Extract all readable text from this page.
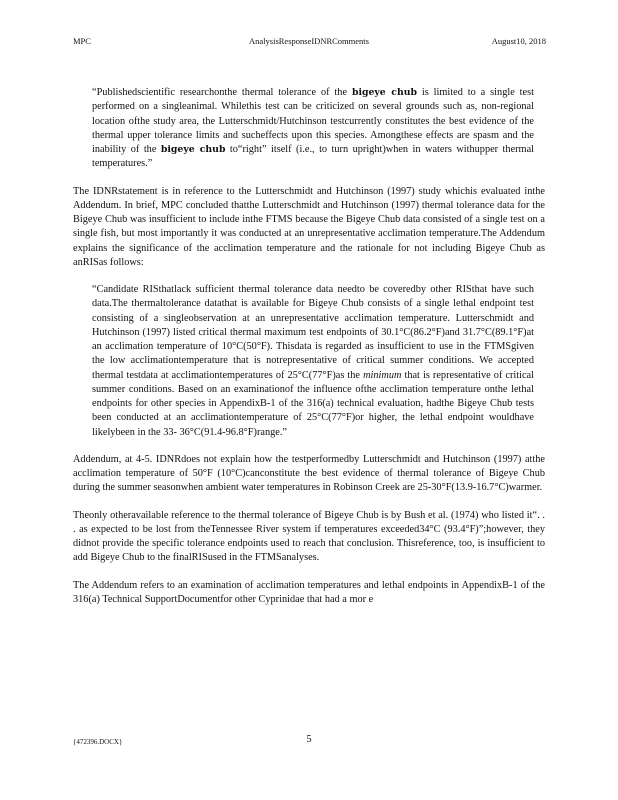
MPC	AnalysisResponseIDNRComments	August10, 2018

“Publishedscientific researchonthe thermal tolerance of the bigeye chub is limited to a single test performed on a singleanimal. Whilethis test can be criticized on several grounds such as, non-regional location ofthe study area, the Lutterschmidt/Hutchinson testcurrently constitutes the best evidence of the thermal upper tolerance limits and sucheffects upon this species. Amongthese effects are spasm and the inability of the bigeye chub to“right” itself (i.e., to turn upright)when in waters withupper thermal temperatures.”

The IDNRstatement is in reference to the Lutterschmidt and Hutchinson (1997) study whichis evaluated inthe Addendum. In brief, MPC concluded thatthe Lutterschmidt and Hutchinson (1997) thermal tolerance data for the Bigeye Chub was insufficient to include inthe FTMS because the Bigeye Chub data consisted of a single test on a single fish, but most importantly it was conducted at an unrepresentative acclimation temperature.The Addendum explains the significance of the acclimation temperature and the rationale for not including Bigeye Chub as anRISas follows:

“Candidate RISthatlack sufficient thermal tolerance data needto be coveredby other RISthat have such data.The thermaltolerance datathat is available for Bigeye Chub consists of a single lethal endpoint test consisting of a singleobservation at an unrepresentative acclimation temperature. Lutterschmidt and Hutchinson (1997) listed critical thermal maximum test endpoints of 30.1°C(86.2°F)and 31.7°C(89.1°F)at an acclimation temperature of 10°C(50°F). Thisdata is regarded as insufficient to use in the FTMSgiven the low acclimationtemperature that is notrepresentative of critical summer conditions. We accepted thermal testdata at acclimationtemperatures of 25°C(77°F)as the minimum that is representative of critical summer conditions. Based on an examinationof the influence ofthe acclimation temperature onthe lethal endpoints for other species in AppendixB-1 of the 316(a) technical evaluation, hadthe Bigeye Chub tests been conducted at an acclimationtemperature of 25°C(77°F)or higher, the lethal endpoint wouldhave likelybeen in the 33- 36°C(91.4-96.8°F)range.”

Addendum, at 4-5. IDNRdoes not explain how the testperformedby Lutterschmidt and Hutchinson (1997) atthe acclimation temperature of 50°F (10°C)canconstitute the best evidence of thermal tolerance of Bigeye Chub during the summer seasonwhen ambient water temperatures in Robinson Creek are 25-30°F(13.9-16.7°C)warmer.

Theonly otheravailable reference to the thermal tolerance of Bigeye Chub is by Bush et al. (1974) who listed it“. . . as expected to be lost from theTennessee River system if temperatures exceeded34°C (93.4°F)”;however, they didnot provide the specific tolerance endpoints used to reach that conclusion. Thisreference, too, is insufficient to add Bigeye Chub to the finalRISused in the FTMSanalyses.

The Addendum refers to an examination of acclimation temperatures and lethal endpoints in AppendixB-1 of the 316(a) Technical SupportDocumentfor other Cyprinidae that had a mor e

{472396.DOCX}	5
